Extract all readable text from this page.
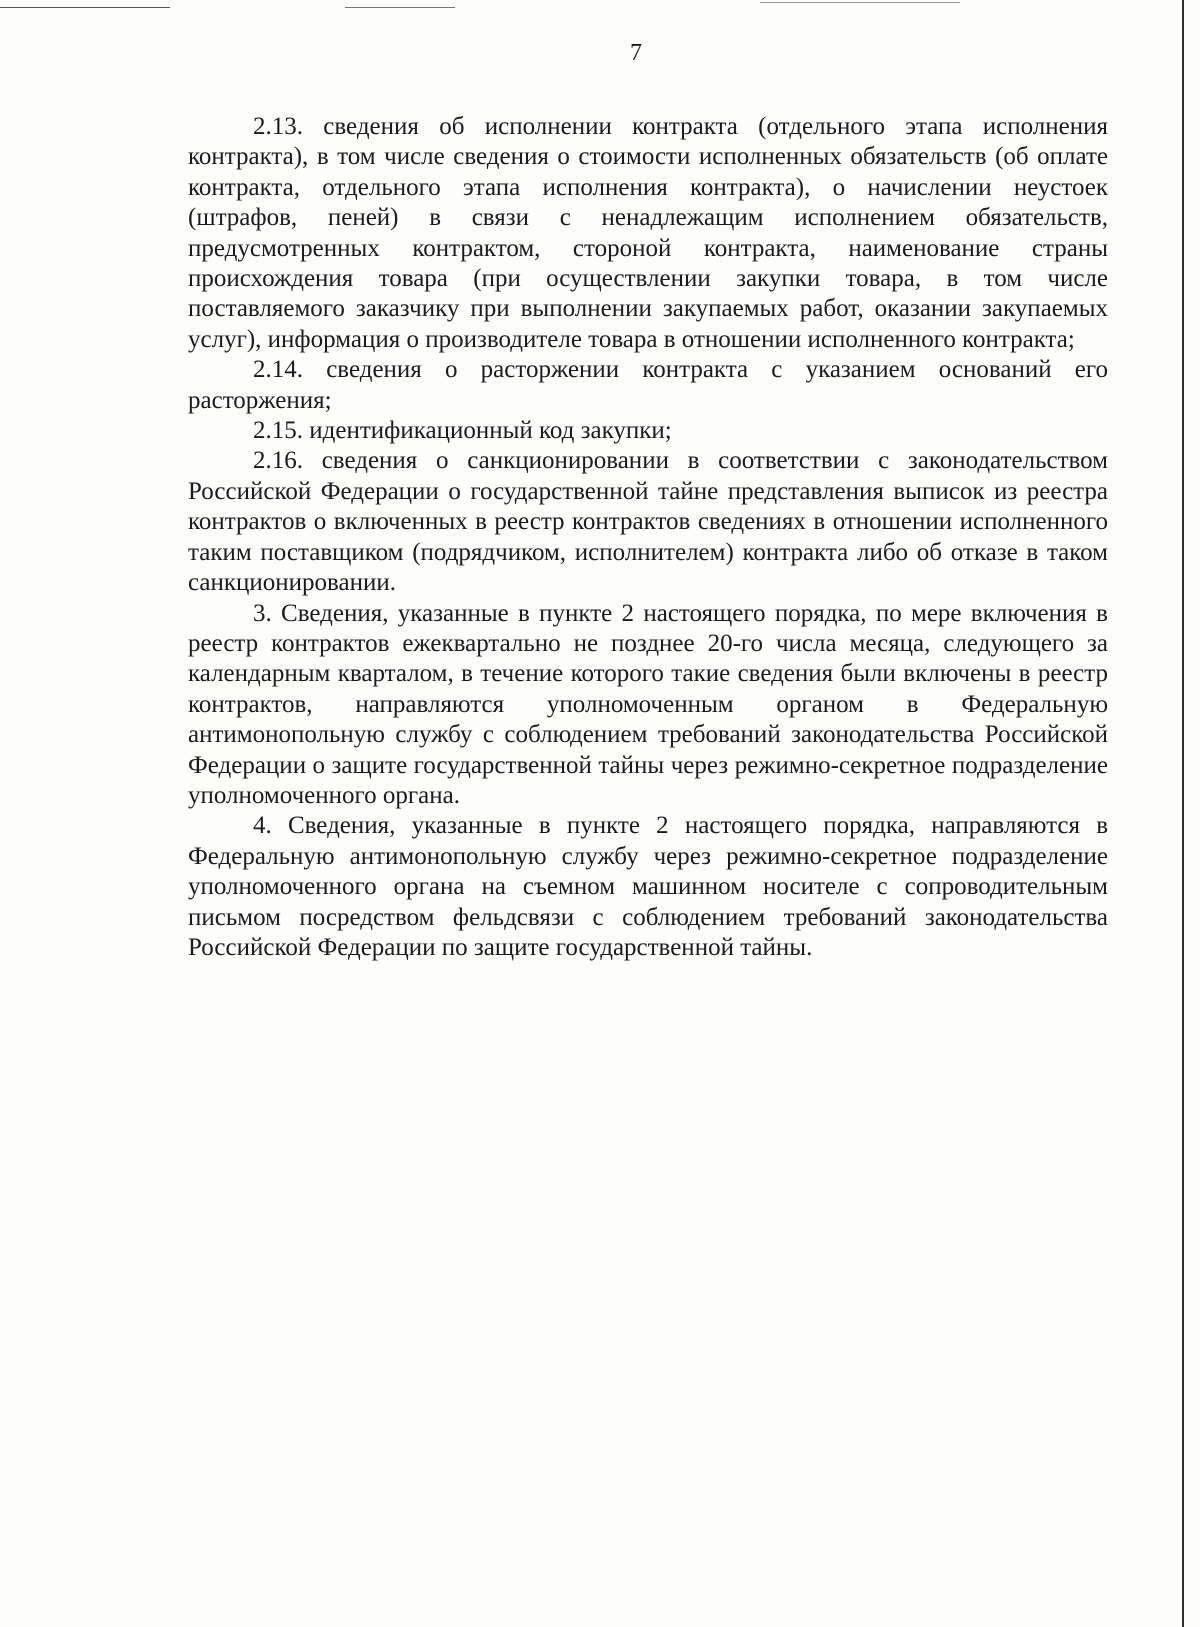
7

2.13. сведения об исполнении контракта (отдельного этапа исполнения контракта), в том числе сведения о стоимости исполненных обязательств (об оплате контракта, отдельного этапа исполнения контракта), о начислении неустоек (штрафов, пеней) в связи с ненадлежащим исполнением обязательств, предусмотренных контрактом, стороной контракта, наименование страны происхождения товара (при осуществлении закупки товара, в том числе поставляемого заказчику при выполнении закупаемых работ, оказании закупаемых услуг), информация о производителе товара в отношении исполненного контракта;

2.14. сведения о расторжении контракта с указанием оснований его расторжения;

2.15. идентификационный код закупки;

2.16. сведения о санкционировании в соответствии с законодательством Российской Федерации о государственной тайне представления выписок из реестра контрактов о включенных в реестр контрактов сведениях в отношении исполненного таким поставщиком (подрядчиком, исполнителем) контракта либо об отказе в таком санкционировании.

3. Сведения, указанные в пункте 2 настоящего порядка, по мере включения в реестр контрактов ежеквартально не позднее 20-го числа месяца, следующего за календарным кварталом, в течение которого такие сведения были включены в реестр контрактов, направляются уполномоченным органом в Федеральную антимонопольную службу с соблюдением требований законодательства Российской Федерации о защите государственной тайны через режимно-секретное подразделение уполномоченного органа.

4. Сведения, указанные в пункте 2 настоящего порядка, направляются в Федеральную антимонопольную службу через режимно-секретное подразделение уполномоченного органа на съемном машинном носителе с сопроводительным письмом посредством фельдсвязи с соблюдением требований законодательства Российской Федерации по защите государственной тайны.
